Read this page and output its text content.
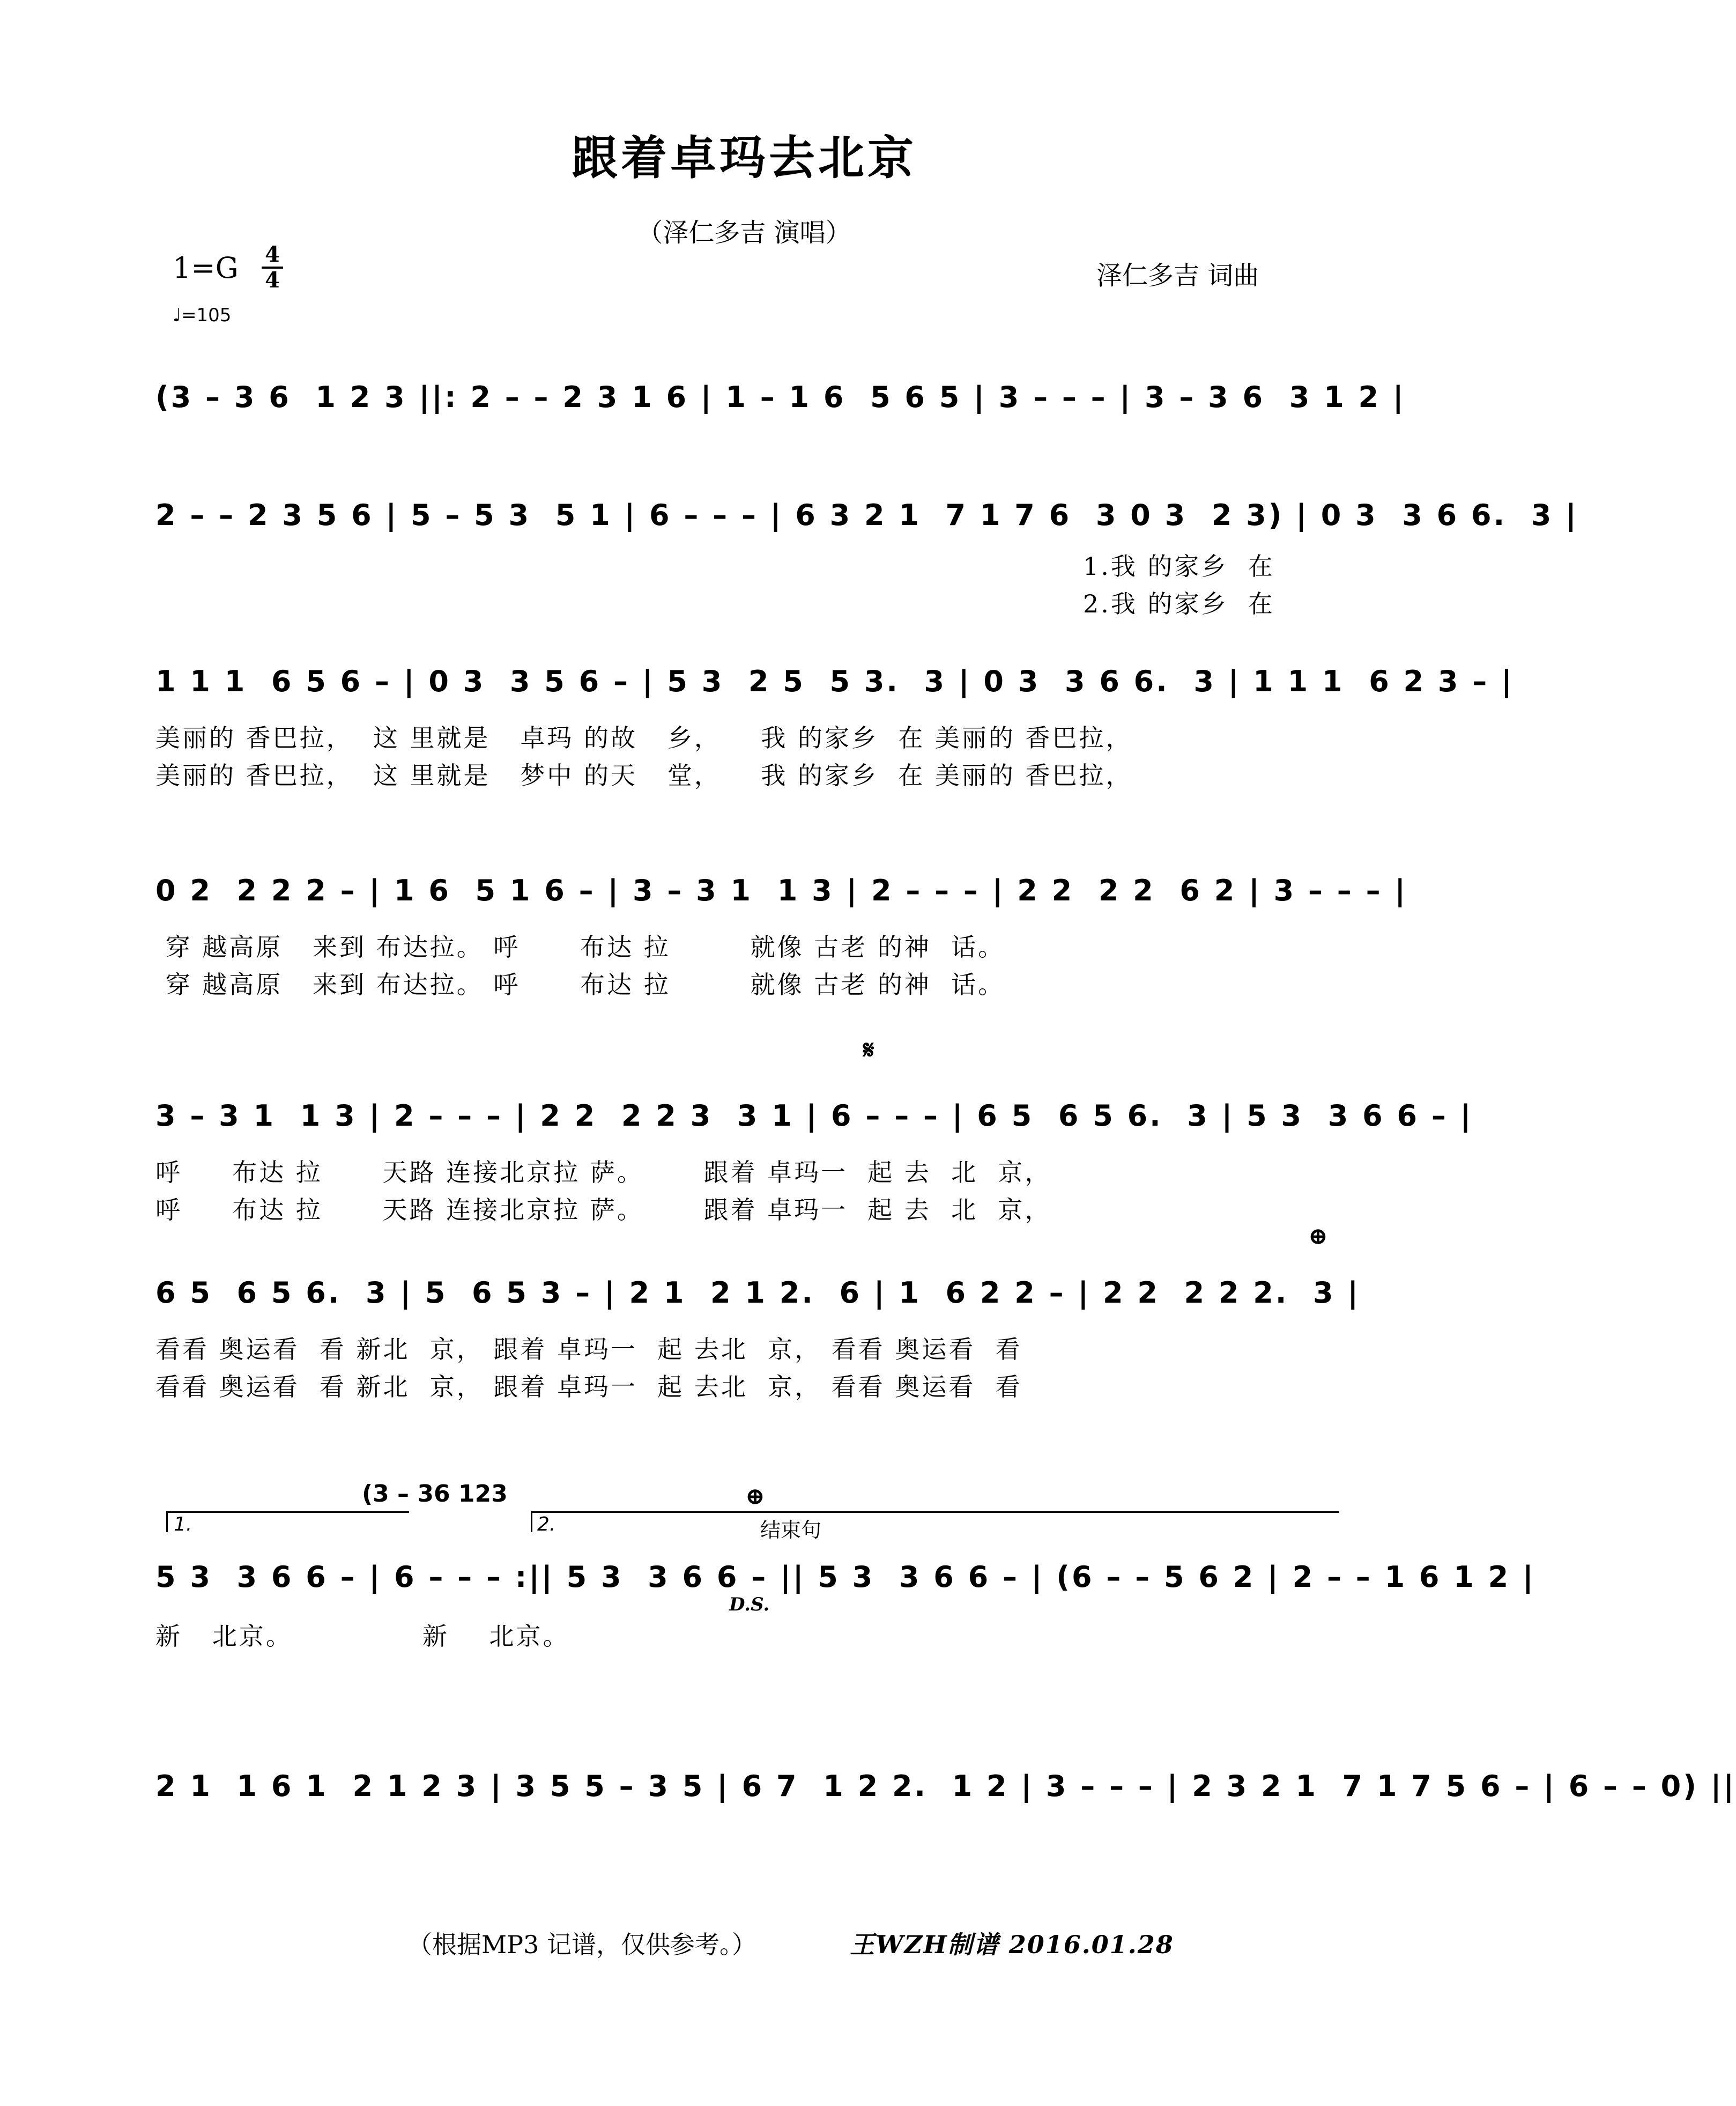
跟着卓玛去北京
（泽仁多吉 演唱）
1=G 4
4
♩=105
泽仁多吉 词曲
(3 – 3 6  1 2 3 ||: 2 – – 2 3 1 6 | 1 – 1 6  5 6 5 | 3 – – – | 3 – 3 6  3 1 2 |
2 – – 2 3 5 6 | 5 – 5 3  5 1 | 6 – – – | 6 3 2 1  7 1 7 6  3 0 3  2 3) | 0 3  3 6 6.  3 |
1.我 的家乡  在
2.我 的家乡  在
1 1 1  6 5 6 – | 0 3  3 5 6 – | 5 3  2 5  5 3.  3 | 0 3  3 6 6.  3 | 1 1 1  6 2 3 – |
美丽的 香巴拉，  这 里就是   卓玛 的故   乡，    我 的家乡  在 美丽的 香巴拉，
美丽的 香巴拉，  这 里就是   梦中 的天   堂，    我 的家乡  在 美丽的 香巴拉，
0 2  2 2 2 – | 1 6  5 1 6 – | 3 – 3 1  1 3 | 2 – – – | 2 2  2 2  6 2 | 3 – – – |
穿 越高原   来到 布达拉。 呼      布达 拉        就像 古老 的神  话。
穿 越高原   来到 布达拉。 呼      布达 拉        就像 古老 的神  话。
𝄋
3 – 3 1  1 3 | 2 – – – | 2 2  2 2 3  3 1 | 6 – – – | 6 5  6 5 6.  3 | 5 3  3 6 6 – |
呼     布达 拉      天路 连接北京拉 萨。      跟着 卓玛一  起 去  北  京，
呼     布达 拉      天路 连接北京拉 萨。      跟着 卓玛一  起 去  北  京，
⊕
6 5  6 5 6.  3 | 5  6 5 3 – | 2 1  2 1 2.  6 | 1  6 2 2 – | 2 2  2 2 2.  3 |
看看 奥运看  看 新北  京， 跟着 卓玛一  起 去北  京， 看看 奥运看  看
看看 奥运看  看 新北  京， 跟着 卓玛一  起 去北  京， 看看 奥运看  看
(3 – 36 123
1.	2.
⊕
结束句
5 3  3 6 6 – | 6 – – – :|| 5 3  3 6 6 – || 5 3  3 6 6 – | (6 – – 5 6 2 | 2 – – 1 6 1 2 |
D.S.
新   北京。             新    北京。
2 1  1 6 1  2 1 2 3 | 3 5 5 – 3 5 | 6 7  1 2 2.  1 2 | 3 – – – | 2 3 2 1  7 1 7 5 6 – | 6 – – 0) ||
（根据MP3 记谱，仅供参考。）	王WZH制谱 2016.01.28
